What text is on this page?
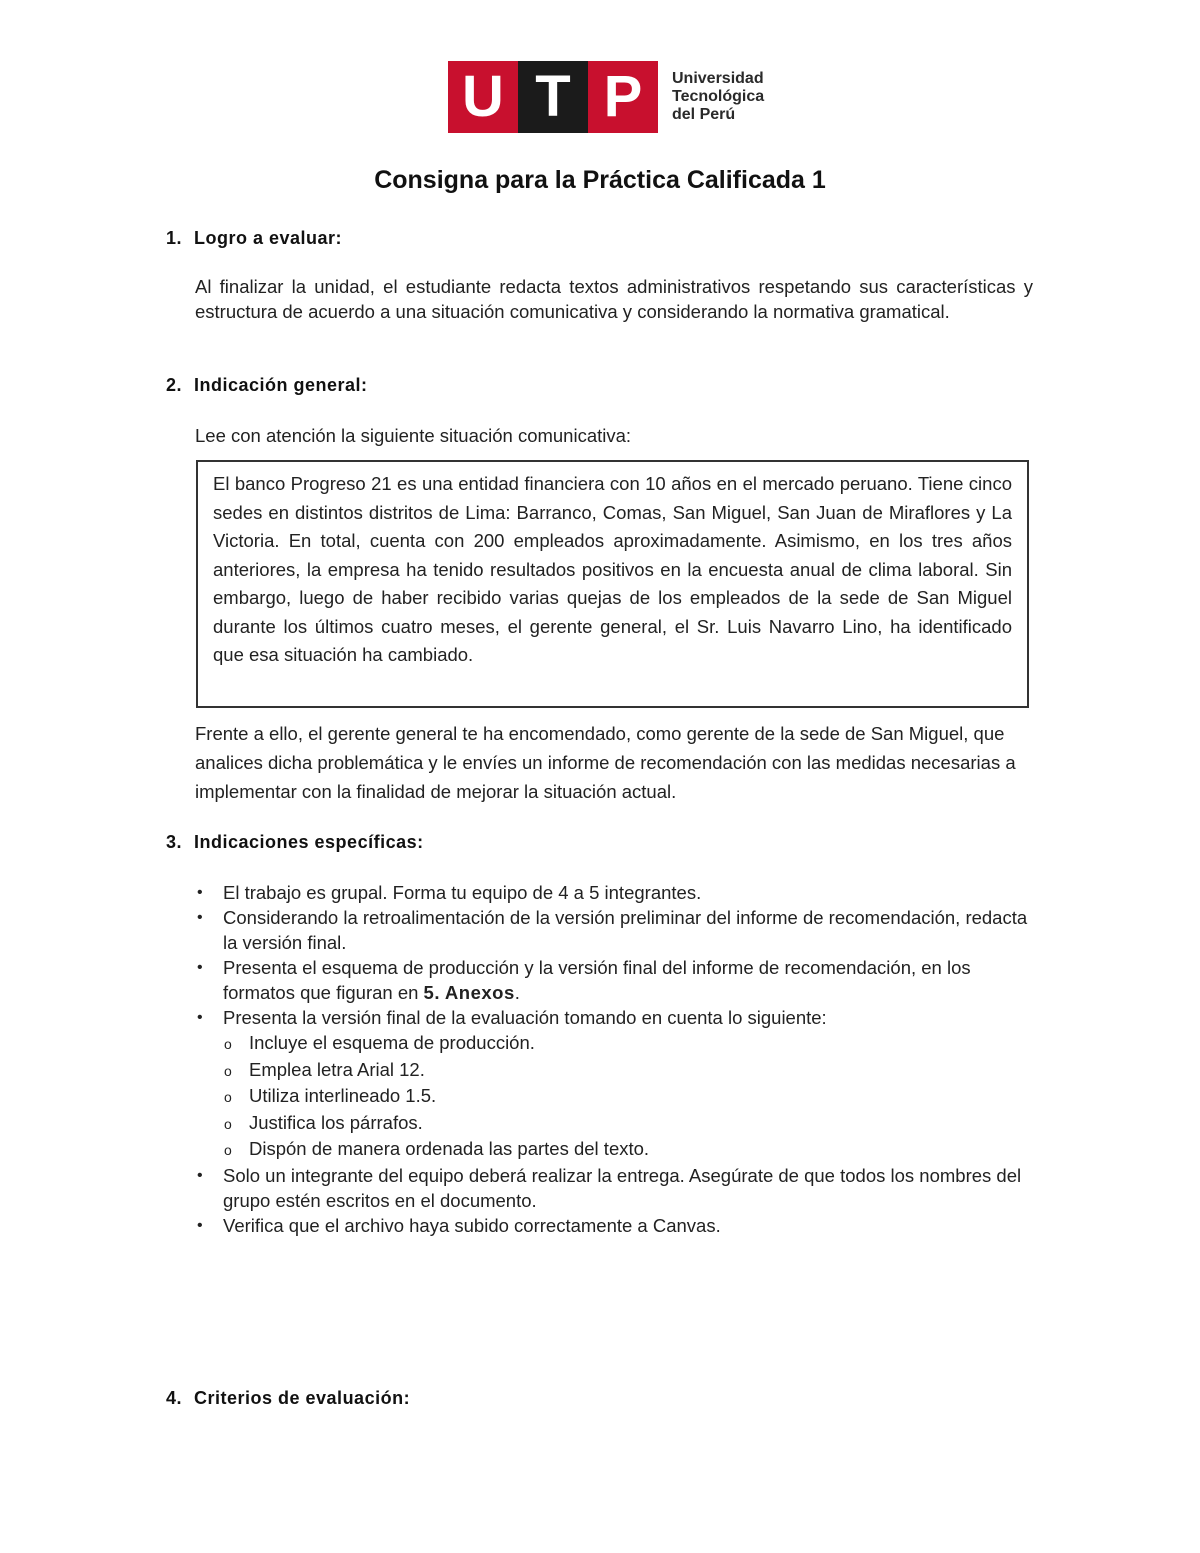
U T P	Universidad
Tecnológica
del Perú
Consigna para la Práctica Calificada 1
1. Logro a evaluar:
Al finalizar la unidad, el estudiante redacta textos administrativos respetando sus características y estructura de acuerdo a una situación comunicativa y considerando la normativa gramatical.
2. Indicación general:
Lee con atención la siguiente situación comunicativa:

El banco Progreso 21 es una entidad financiera con 10 años en el mercado peruano. Tiene cinco sedes en distintos distritos de Lima: Barranco, Comas, San Miguel, San Juan de Miraflores y La Victoria. En total, cuenta con 200 empleados aproximadamente. Asimismo, en los tres años anteriores, la empresa ha tenido resultados positivos en la encuesta anual de clima laboral. Sin embargo, luego de haber recibido varias quejas de los empleados de la sede de San Miguel durante los últimos cuatro meses, el gerente general, el Sr. Luis Navarro Lino, ha identificado que esa situación ha cambiado.

Frente a ello, el gerente general te ha encomendado, como gerente de la sede de San Miguel, que analices dicha problemática y le envíes un informe de recomendación con las medidas necesarias a implementar con la finalidad de mejorar la situación actual.
3. Indicaciones específicas:
• El trabajo es grupal. Forma tu equipo de 4 a 5 integrantes.
• Considerando la retroalimentación de la versión preliminar del informe de recomendación, redacta la versión final.
• Presenta el esquema de producción y la versión final del informe de recomendación, en los formatos que figuran en 5. Anexos.
• Presenta la versión final de la evaluación tomando en cuenta lo siguiente:
o Incluye el esquema de producción.
o Emplea letra Arial 12.
o Utiliza interlineado 1.5.
o Justifica los párrafos.
o Dispón de manera ordenada las partes del texto.
• Solo un integrante del equipo deberá realizar la entrega. Asegúrate de que todos los nombres del grupo estén escritos en el documento.
• Verifica que el archivo haya subido correctamente a Canvas.
4. Criterios de evaluación:
